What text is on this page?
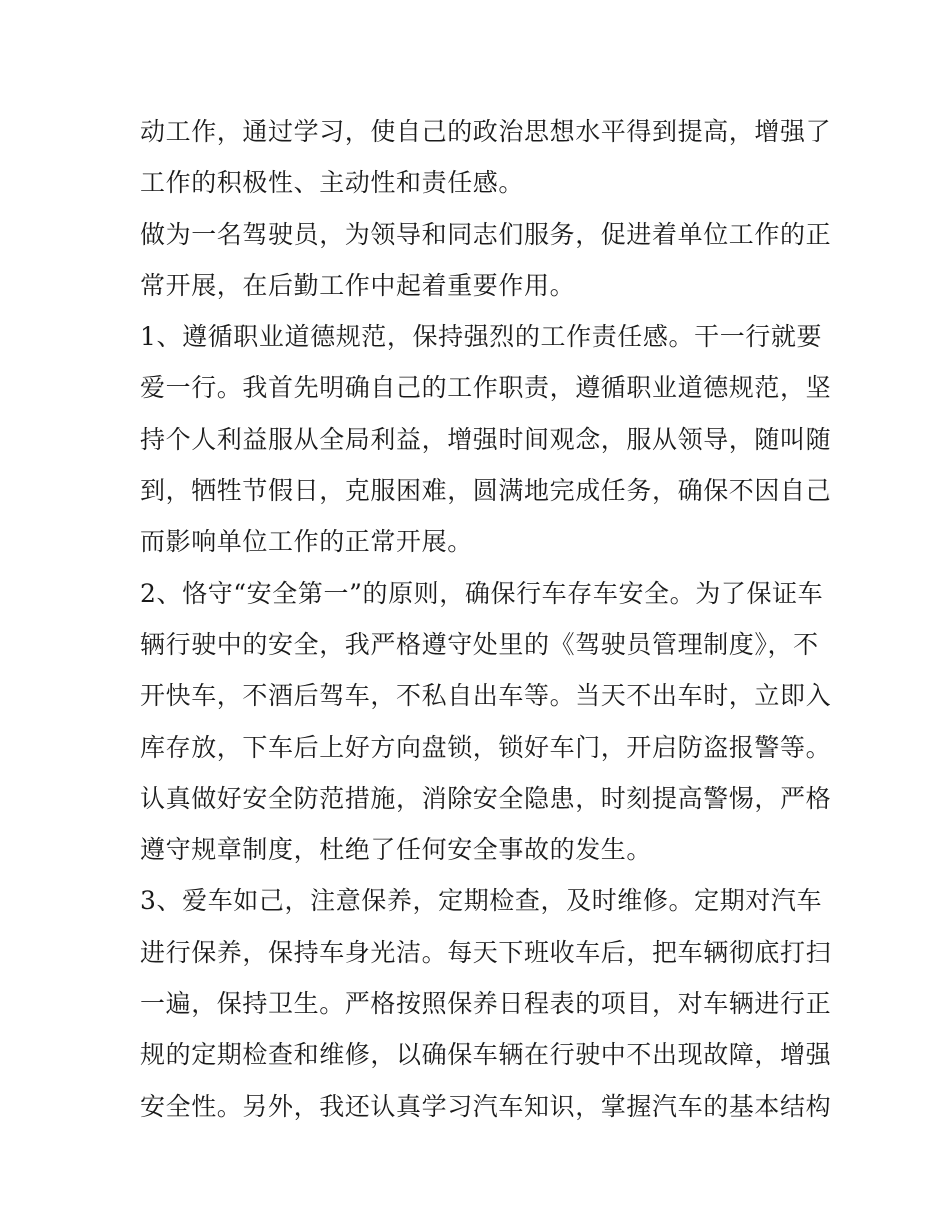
动工作，通过学习，使自己的政治思想水平得到提高，增强了
工作的积极性、主动性和责任感。
做为一名驾驶员，为领导和同志们服务，促进着单位工作的正
常开展，在后勤工作中起着重要作用。
1、遵循职业道德规范，保持强烈的工作责任感。干一行就要
爱一行。我首先明确自己的工作职责，遵循职业道德规范，坚
持个人利益服从全局利益，增强时间观念，服从领导，随叫随
到，牺牲节假日，克服困难，圆满地完成任务，确保不因自己
而影响单位工作的正常开展。
2、恪守“安全第一”的原则，确保行车存车安全。为了保证车
辆行驶中的安全，我严格遵守处里的《驾驶员管理制度》，不
开快车，不酒后驾车，不私自出车等。当天不出车时，立即入
库存放，下车后上好方向盘锁，锁好车门，开启防盗报警等。
认真做好安全防范措施，消除安全隐患，时刻提高警惕，严格
遵守规章制度，杜绝了任何安全事故的发生。
3、爱车如己，注意保养，定期检查，及时维修。定期对汽车
进行保养，保持车身光洁。每天下班收车后，把车辆彻底打扫
一遍，保持卫生。严格按照保养日程表的项目，对车辆进行正
规的定期检查和维修，以确保车辆在行驶中不出现故障，增强
安全性。另外，我还认真学习汽车知识，掌握汽车的基本结构
